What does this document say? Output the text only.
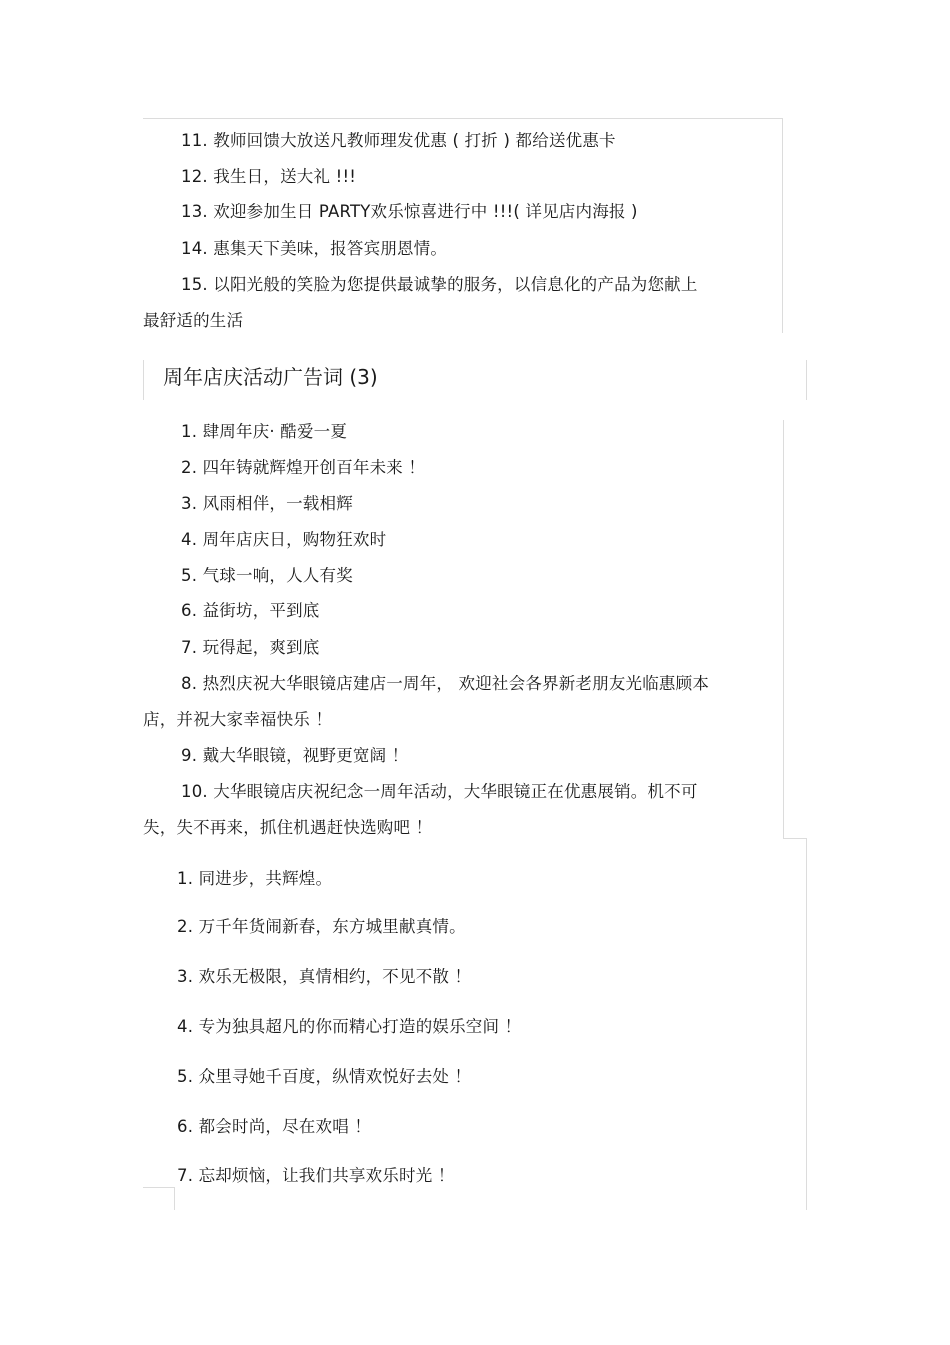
11. 教师回馈大放送凡教师理发优惠 ( 打折 ) 都给送优惠卡
12. 我生日，送大礼 !!!
13. 欢迎参加生日 PARTY欢乐惊喜进行中 !!!( 详见店内海报 )
14. 惠集天下美味，报答宾朋恩情。
15. 以阳光般的笑脸为您提供最诚挚的服务，以信息化的产品为您献上
最舒适的生活
周年店庆活动广告词 (3)
1. 肆周年庆· 酷爱一夏
2. 四年铸就辉煌开创百年未来 ！
3. 风雨相伴，一载相辉
4. 周年店庆日，购物狂欢时
5. 气球一响，人人有奖
6. 益街坊，平到底
7. 玩得起，爽到底
8. 热烈庆祝大华眼镜店建店一周年， 欢迎社会各界新老朋友光临惠顾本
店，并祝大家幸福快乐 ！
9. 戴大华眼镜，视野更宽阔 ！
10. 大华眼镜店庆祝纪念一周年活动，大华眼镜正在优惠展销。机不可
失，失不再来，抓住机遇赶快选购吧 ！
1. 同进步，共辉煌。
2. 万千年货闹新春，东方城里献真情。
3. 欢乐无极限，真情相约，不见不散 ！
4. 专为独具超凡的你而精心打造的娱乐空间 ！
5. 众里寻她千百度，纵情欢悦好去处 ！
6. 都会时尚，尽在欢唱 ！
7. 忘却烦恼，让我们共享欢乐时光 ！
